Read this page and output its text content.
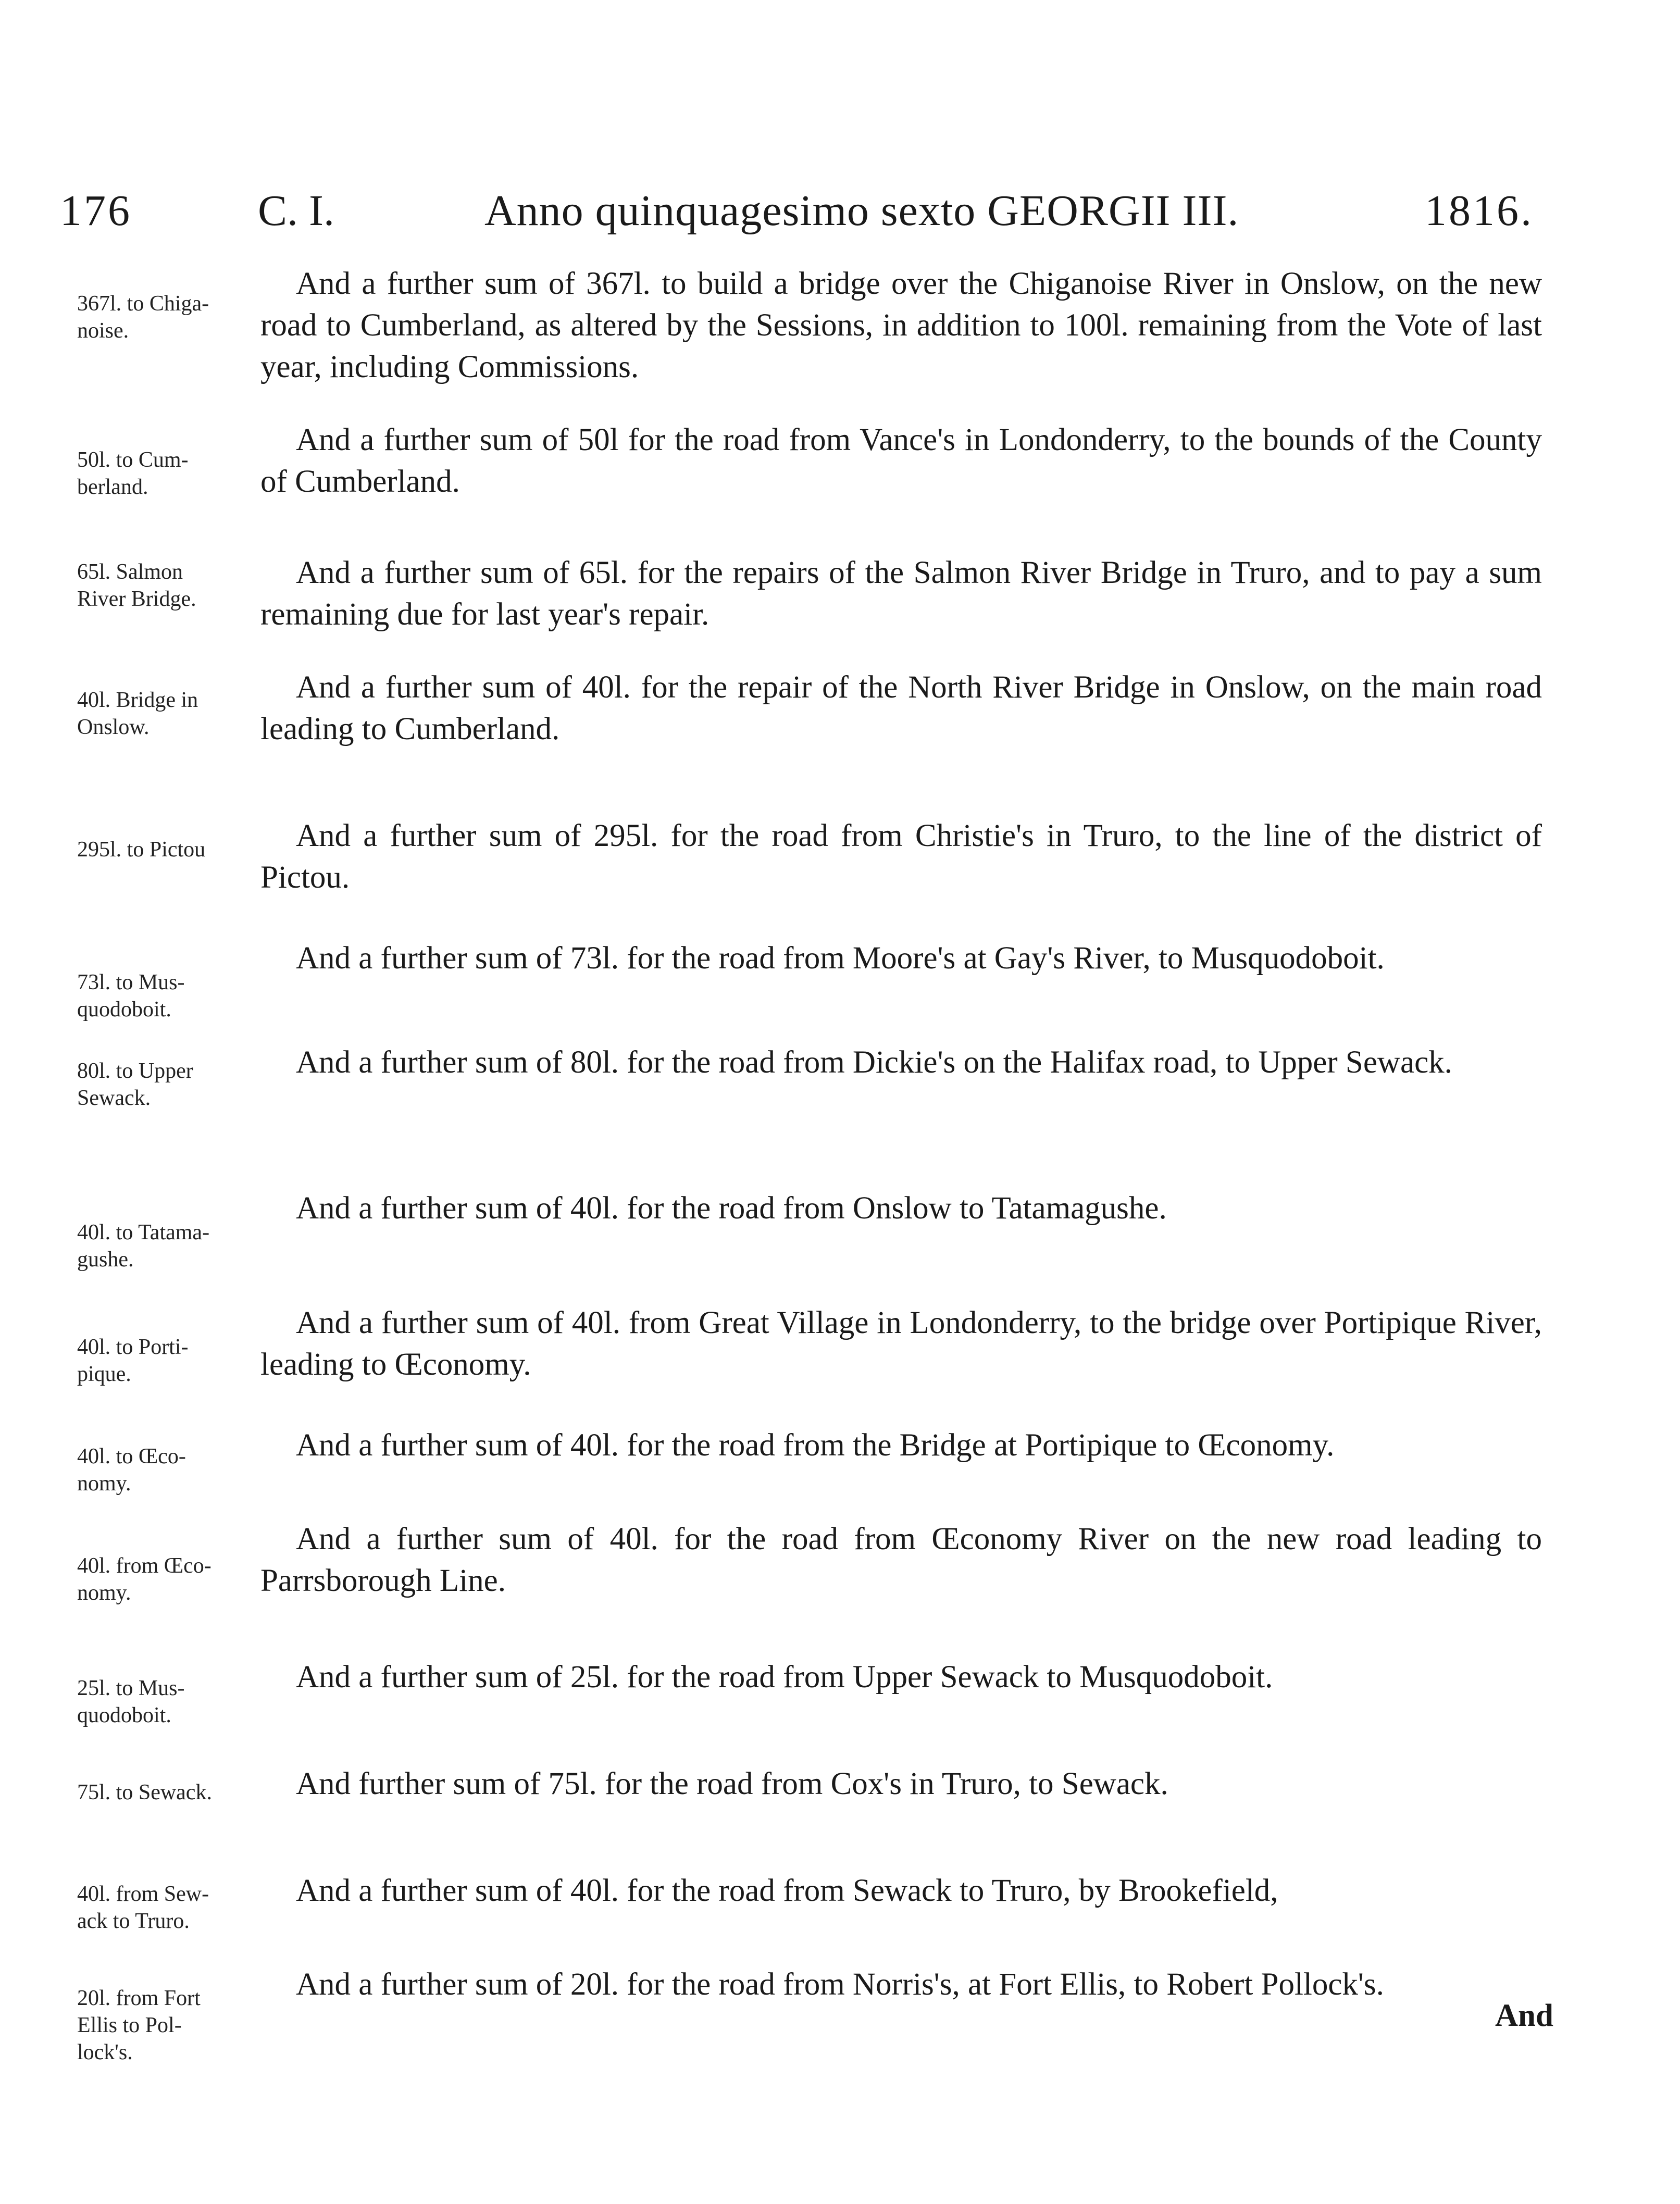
176	C. I.	Anno quinquagesimo sexto GEORGII III.	1816.
367l. to Chiga-
noise.
And a further sum of 367l. to build a bridge over the Chiganoise River in Onslow, on the new road to Cumberland, as altered by the Sessions, in addition to 100l. remaining from the Vote of last year, including Commissions.
50l. to Cum-
berland.
And a further sum of 50l for the road from Vance's in Londonderry, to the bounds of the County of Cumberland.
65l. Salmon
River Bridge.
And a further sum of 65l. for the repairs of the Salmon River Bridge in Truro, and to pay a sum remaining due for last year's repair.
40l. Bridge in
Onslow.
And a further sum of 40l. for the repair of the North River Bridge in Onslow, on the main road leading to Cumberland.
295l. to Pictou	And a further sum of 295l. for the road from Christie's in Truro, to the line of the district of Pictou.
73l. to Mus-
quodoboit.
And a further sum of 73l. for the road from Moore's at Gay's River, to Musquodoboit.
80l. to Upper
Sewack.
And a further sum of 80l. for the road from Dickie's on the Halifax road, to Upper Sewack.
40l. to Tatama-
gushe.
And a further sum of 40l. for the road from Onslow to Tatamagushe.
40l. to Porti-
pique.
And a further sum of 40l. from Great Village in Londonderry, to the bridge over Portipique River, leading to Œconomy.
40l. to Œco-
nomy.
And a further sum of 40l. for the road from the Bridge at Portipique to Œconomy.
40l. from Œco-
nomy.
And a further sum of 40l. for the road from Œconomy River on the new road leading to Parrsborough Line.
25l. to Mus-
quodoboit.
And a further sum of 25l. for the road from Upper Sewack to Musquodoboit.
75l. to Sewack.	And further sum of 75l. for the road from Cox's in Truro, to Sewack.
40l. from Sew-
ack to Truro.
And a further sum of 40l. for the road from Sewack to Truro, by Brookefield,
20l. from Fort
Ellis to Pol-
lock's.
And a further sum of 20l. for the road from Norris's, at Fort Ellis, to Robert Pollock's.
And
